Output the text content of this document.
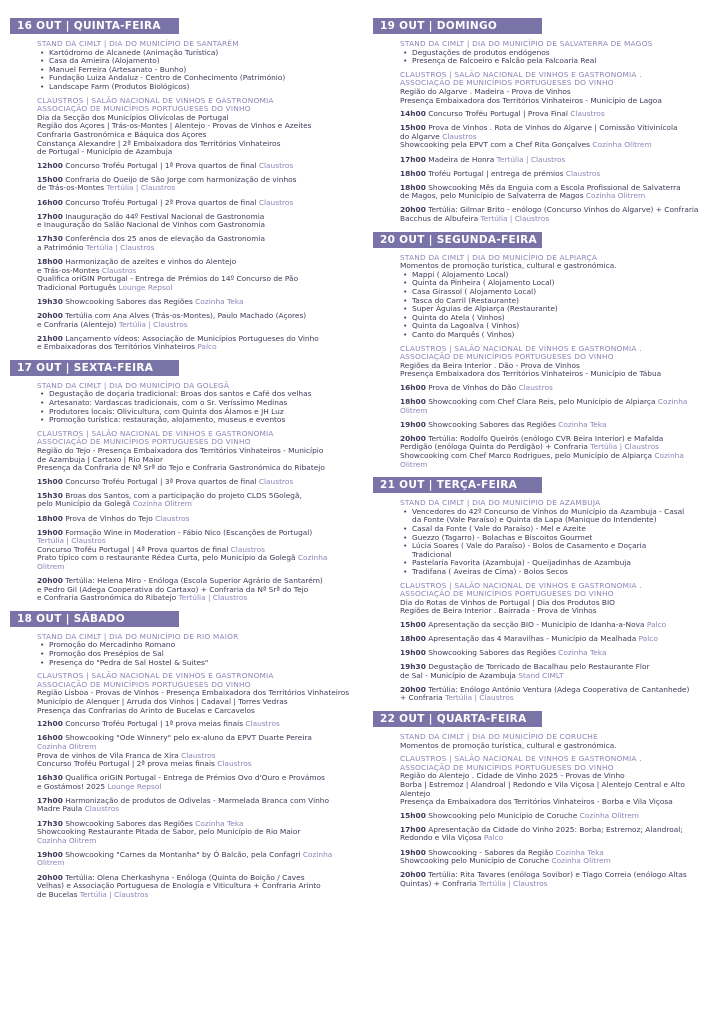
16 OUT | QUINTA-FEIRA
STAND DA CIMLT | DIA DO MUNICÍPIO DE SANTARÉM
• Kartódromo de Alcanede (Animação Turística)
• Casa da Amieira (Alojamento)
• Manuel Ferreira (Artesanato - Bunho)
• Fundação Luiza Andaluz - Centro de Conhecimento (Património)
• Landscape Farm (Produtos Biológicos)
CLAUSTROS | SALÃO NACIONAL DE VINHOS E GASTRONOMIA
ASSOCIAÇÃO DE MUNICÍPIOS PORTUGUESES DO VINHO
Dia da Secção dos Municípios Olivícolas de Portugal
Região dos Açores | Trás-os-Montes | Alentejo - Provas de Vinhos e Azeites
Confraria Gastronómica e Báquica dos Açores
Constança Alexandre | 2ª Embaixadora dos Territórios Vinhateiros
de Portugal - Município de Azambuja
12h00 Concurso Troféu Portugal | 1ª Prova quartos de final Claustros
15h00 Confraria do Queijo de São Jorge com harmonização de vinhos
de Trás-os-Montes Tertúlia | Claustros
16h00 Concurso Troféu Portugal | 2ª Prova quartos de final Claustros
17h00 Inauguração do 44º Festival Nacional de Gastronomia
e Inauguração do Salão Nacional de Vinhos com Gastronomia
17h30 Conferência dos 25 anos de elevação da Gastronomia
a Património Tertúlia | Claustros
18h00 Harmonização de azeites e vinhos do Alentejo
e Trás-os-Montes Claustros
Qualifica oriGIN Portugal - Entrega de Prémios do 14º Concurso de Pão
Tradicional Português Lounge Repsol
19h30 Showcooking Sabores das Regiões Cozinha Teka
20h00 Tertúlia com Ana Alves (Trás-os-Montes), Paulo Machado (Açores)
e Confraria (Alentejo) Tertúlia | Claustros
21h00 Lançamento vídeos: Associação de Municípios Portugueses do Vinho
e Embaixadoras dos Territórios Vinhateiros Palco
17 OUT | SEXTA-FEIRA
STAND DA CIMLT | DIA DO MUNICÍPIO DA GOLEGÃ
• Degustação de doçaria tradicional: Broas dos santos e Café dos velhas
• Artesanato: Vardascas tradicionais, com o Sr. Veríssimo Medinas
• Produtores locais: Olivicultura, com Quinta dos Álamos e JH Luz
• Promoção turística: restauração, alojamento, museus e eventos
CLAUSTROS | SALÃO NACIONAL DE VINHOS E GASTRONOMIA
ASSOCIAÇÃO DE MUNICÍPIOS PORTUGUESES DO VINHO
Região do Tejo - Presença Embaixadora dos Territórios Vinhateiros - Município
de Azambuja | Cartaxo | Rio Maior
Presença da Confraria de Nª Srª do Tejo e Confraria Gastronómica do Ribatejo
15h00 Concurso Troféu Portugal | 3ª Prova quartos de final Claustros
15h30 Broas dos Santos, com a participação do projeto CLDS 5Golegã,
pelo Município da Golegã Cozinha Olitrem
18h00 Prova de Vinhos do Tejo Claustros
19h00 Formação Wine in Moderation - Fábio Nico (Escanções de Portugal)
Tertúlia | Claustros
Concurso Troféu Portugal | 4ª Prova quartos de final Claustros
Prato típico com o restaurante Rédea Curta, pelo Município da Golegã Cozinha Olitrem
20h00 Tertúlia: Helena Miro - Enóloga (Escola Superior Agrário de Santarém)
e Pedro Gil (Adega Cooperativa do Cartaxo) + Confraria da Nª Srª do Tejo
e Confraria Gastronómica do Ribatejo Tertúlia | Claustros
18 OUT | SÁBADO
STAND DA CIMLT | DIA DO MUNICÍPIO DE RIO MAIOR
• Promoção do Mercadinho Romano
• Promoção dos Presépios de Sal
• Presença do "Pedra de Sal Hostel & Suites"
CLAUSTROS | SALÃO NACIONAL DE VINHOS E GASTRONOMIA
ASSOCIAÇÃO DE MUNICÍPIOS PORTUGUESES DO VINHO
Região Lisboa - Provas de Vinhos - Presença Embaixadora dos Territórios Vinhateiros
Município de Alenquer | Arruda dos Vinhos | Cadaval | Torres Vedras
Presença das Confrarias do Arinto de Bucelas e Carcavelos
12h00 Concurso Troféu Portugal | 1ª prova meias finais Claustros
16h00 Showcooking "Ode Winnery" pelo ex-aluno da EPVT Duarte Pereira
Cozinha Olitrem
Prova de vinhos de Vila Franca de Xira Claustros
Concurso Troféu Portugal | 2ª prova meias finais Claustros
16h30 Qualifica oriGIN Portugal - Entrega de Prémios Ovo d'Ouro e Provámos
e Gostámos! 2025 Lounge Repsol
17h00 Harmonização de produtos de Odivelas - Marmelada Branca com Vinho
Madre Paula Claustros
17h30 Showcooking Sabores das Regiões Cozinha Teka
Showcooking Restaurante Pitada de Sabor, pelo Município de Rio Maior
Cozinha Olitrem
19h00 Showcooking "Carnes da Montanha" by Ó Balcão, pela Confagri Cozinha Olitrem
20h00 Tertúlia: Olena Cherkashyna - Enóloga (Quinta do Boição / Caves
Velhas) e Associação Portuguesa de Enologia e Viticultura + Confraria Arinto
de Bucelas Tertúlia | Claustros
19 OUT | DOMINGO
STAND DA CIMLT | DIA DO MUNICÍPIO DE SALVATERRA DE MAGOS
• Degustações de produtos endógenos
• Presença de Falcoeiro e Falcão pela Falcoaria Real
CLAUSTROS | SALÃO NACIONAL DE VINHOS E GASTRONOMIA .
ASSOCIAÇÃO DE MUNICÍPIOS PORTUGUESES DO VINHO
Região do Algarve . Madeira - Prova de Vinhos
Presença Embaixadora dos Territórios Vinhateiros - Município de Lagoa
14h00 Concurso Troféu Portugal | Prova Final Claustros
15h00 Prova de Vinhos . Rota de Vinhos do Algarve | Comissão Vitivinícola
do Algarve Claustros
Showcooking pela EPVT com a Chef Rita Gonçalves Cozinha Olitrem
17h00 Madeira de Honra Tertúlia | Claustros
18h00 Troféu Portugal | entrega de prémios Claustros
18h00 Showcooking Mês da Enguia com a Escola Profissional de Salvaterra
de Magos, pelo Município de Salvaterra de Magos Cozinha Olitrem
20h00 Tertúlia: Gilmar Brito - enólogo (Concurso Vinhos do Algarve) + Confraria
Bacchus de Albufeira Tertúlia | Claustros
20 OUT | SEGUNDA-FEIRA
STAND DA CIMLT | DIA DO MUNICÍPIO DE ALPIARÇA
Momentos de promoção turística, cultural e gastronómica.
• Mappi ( Alojamento Local)
• Quinta da Pinheira ( Alojamento Local)
• Casa Girassol ( Alojamento Local)
• Tasca do Carril (Restaurante)
• Super Águias de Alpiarça (Restaurante)
• Quinta do Atela ( Vinhos)
• Quinta da Lagoalva ( Vinhos)
• Canto do Marquês ( Vinhos)
CLAUSTROS | SALÃO NACIONAL DE VINHOS E GASTRONOMIA .
ASSOCIAÇÃO DE MUNICÍPIOS PORTUGUESES DO VINHO
Regiões da Beira Interior . Dão - Prova de Vinhos
Presença Embaixadora dos Territórios Vinhateiros - Município de Tábua
16h00 Prova de Vinhos do Dão Claustros
18h00 Showcooking com Chef Clara Reis, pelo Município de Alpiarça Cozinha Olitrem
19h00 Showcooking Sabores das Regiões Cozinha Teka
20h00 Tertúlia: Rodolfo Queirós (enólogo CVR Beira Interior) e Mafalda
Perdigão (enóloga Quinta do Perdigão) + Confraria Tertúlia | Claustros
Showcooking com Chef Marco Rodrigues, pelo Município de Alpiarça Cozinha Olitrem
21 OUT | TERÇA-FEIRA
STAND DA CIMLT | DIA DO MUNICÍPIO DE AZAMBUJA
• Vencedores do 42º Concurso de Vinhos do Município da Azambuja - Casal
da Fonte (Vale Paraíso) e Quinta da Lapa (Manique do Intendente)
• Casal da Fonte ( Vale do Paraíso) - Mel e Azeite
• Guezzo (Tagarro) - Bolachas e Biscoitos Gourmet
• Lúcia Soares ( Vale do Paraíso) - Bolos de Casamento e Doçaria
Tradicional
• Pastelaria Favorita (Azambuja) - Queijadinhas de Azambuja
• Tradifana ( Aveiras de Cima) - Bolos Secos
CLAUSTROS | SALÃO NACIONAL DE VINHOS E GASTRONOMIA .
ASSOCIAÇÃO DE MUNICÍPIOS PORTUGUESES DO VINHO
Dia do Rotas de Vinhos de Portugal | Dia dos Produtos BIO
Regiões de Beira Interior . Bairrada - Prova de Vinhos
15h00 Apresentação da secção BIO - Município de Idanha-a-Nova Palco
18h00 Apresentação das 4 Maravilhas - Município da Mealhada Palco
19h00 Showcooking Sabores das Regiões Cozinha Teka
19h30 Degustação de Torricado de Bacalhau pelo Restaurante Flor
de Sal - Município de Azambuja Stand CIMLT
20h00 Tertúlia: Enólogo António Ventura (Adega Cooperativa de Cantanhede)
+ Confraria Tertúlia | Claustros
22 OUT | QUARTA-FEIRA
STAND DA CIMLT | DIA DO MUNICÍPIO DE CORUCHE
Momentos de promoção turística, cultural e gastronómica.
CLAUSTROS | SALÃO NACIONAL DE VINHOS E GASTRONOMIA .
ASSOCIAÇÃO DE MUNICÍPIOS PORTUGUESES DO VINHO
Região do Alentejo . Cidade de Vinho 2025 - Provas de Vinho
Borba | Estremoz | Alandroal | Redondo e Vila Viçosa | Alentejo Central e Alto Alentejo
Presença da Embaixadora dos Territórios Vinhateiros - Borba e Vila Viçosa
15h00 Showcooking pelo Município de Coruche Cozinha Olitrem
17h00 Apresentação da Cidade do Vinho 2025: Borba; Estremoz; Alandroal;
Redondo e Vila Viçosa Palco
19h00 Showcooking - Sabores da Região Cozinha Teka
Showcooking pelo Município de Coruche Cozinha Olitrem
20h00 Tertúlia: Rita Tavares (enóloga Sovibor) e Tiago Correia (enólogo Altas
Quintas) + Confraria Tertúlia | Claustros
